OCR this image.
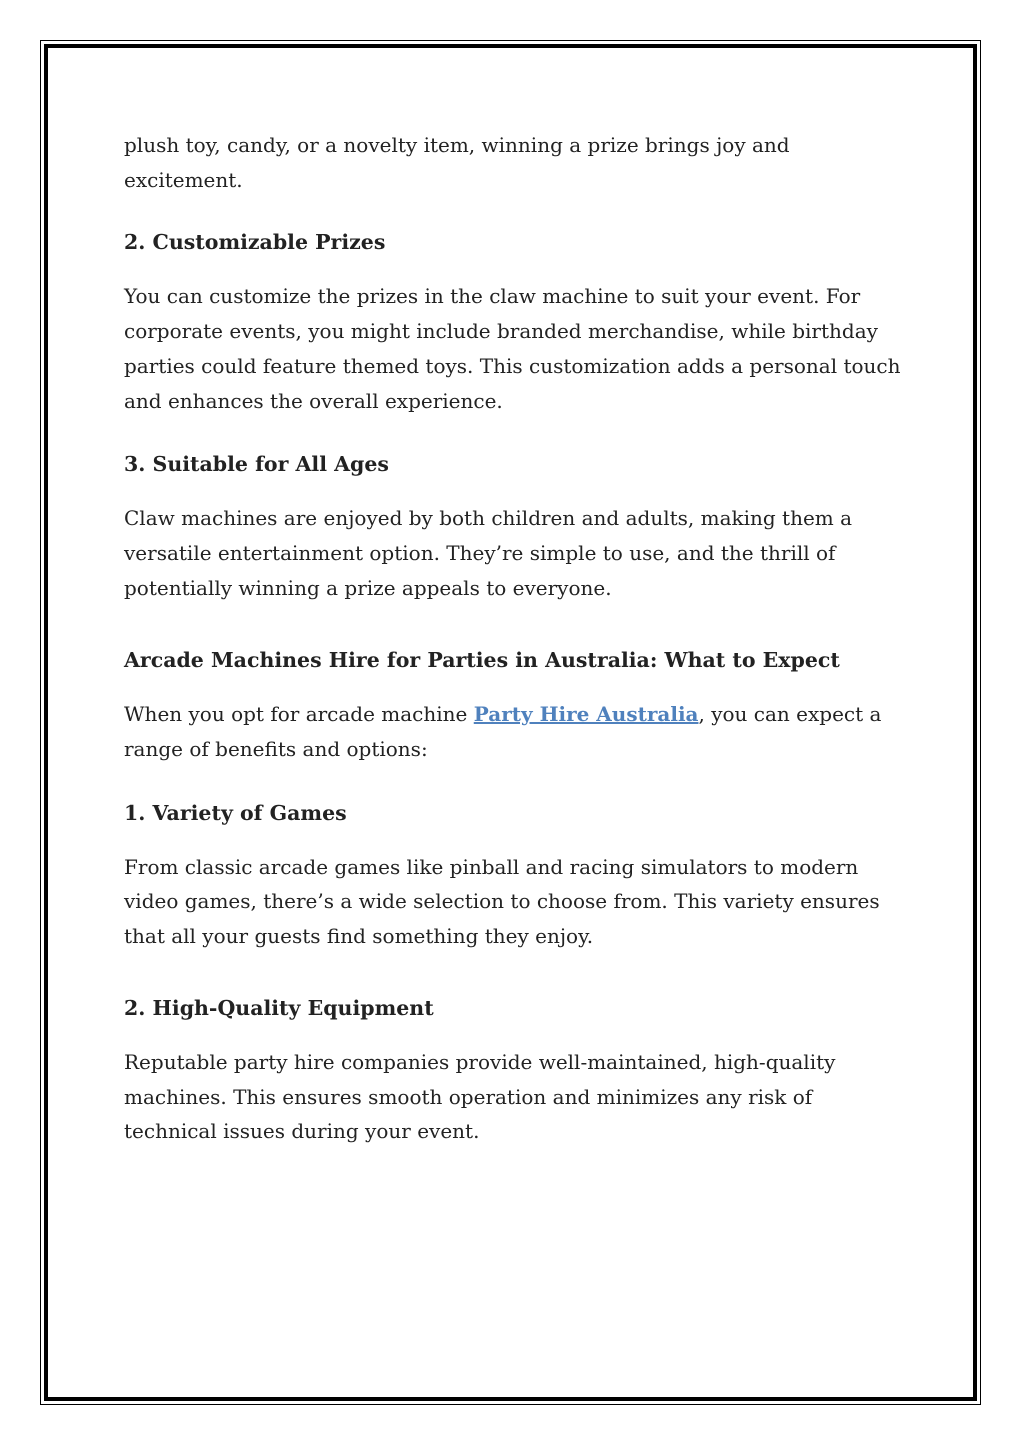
plush toy, candy, or a novelty item, winning a prize brings joy and excitement.

2. Customizable Prizes

You can customize the prizes in the claw machine to suit your event. For corporate events, you might include branded merchandise, while birthday parties could feature themed toys. This customization adds a personal touch and enhances the overall experience.

3. Suitable for All Ages

Claw machines are enjoyed by both children and adults, making them a versatile entertainment option. They’re simple to use, and the thrill of potentially winning a prize appeals to everyone.

Arcade Machines Hire for Parties in Australia: What to Expect

When you opt for arcade machine Party Hire Australia, you can expect a range of benefits and options:

1. Variety of Games

From classic arcade games like pinball and racing simulators to modern video games, there’s a wide selection to choose from. This variety ensures that all your guests find something they enjoy.

2. High-Quality Equipment

Reputable party hire companies provide well-maintained, high-quality machines. This ensures smooth operation and minimizes any risk of technical issues during your event.
